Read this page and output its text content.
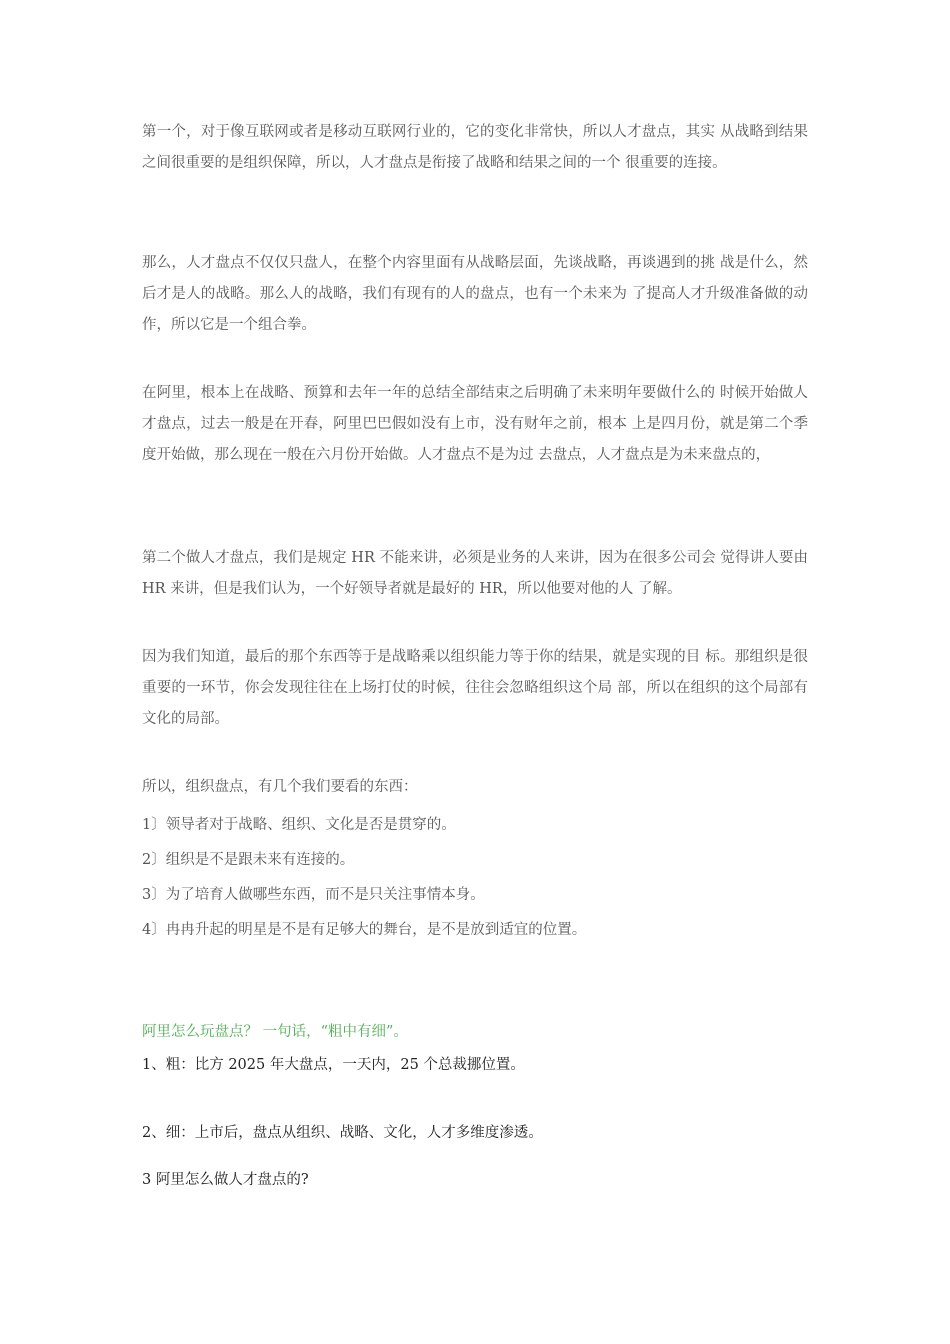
第一个，对于像互联网或者是移动互联网行业的，它的变化非常快，所以人才盘点，其实 从战略到结果之间很重要的是组织保障，所以，人才盘点是衔接了战略和结果之间的一个 很重要的连接。

那么，人才盘点不仅仅只盘人，在整个内容里面有从战略层面，先谈战略，再谈遇到的挑 战是什么，然后才是人的战略。那么人的战略，我们有现有的人的盘点，也有一个未来为 了提高人才升级准备做的动作，所以它是一个组合拳。

在阿里，根本上在战略、预算和去年一年的总结全部结束之后明确了未来明年要做什么的 时候开始做人才盘点，过去一般是在开春，阿里巴巴假如没有上市，没有财年之前，根本 上是四月份，就是第二个季度开始做，那么现在一般在六月份开始做。人才盘点不是为过 去盘点，人才盘点是为未来盘点的，

第二个做人才盘点，我们是规定 HR 不能来讲，必须是业务的人来讲，因为在很多公司会 觉得讲人要由 HR 来讲，但是我们认为，一个好领导者就是最好的 HR，所以他要对他的人 了解。

因为我们知道，最后的那个东西等于是战略乘以组织能力等于你的结果，就是实现的目 标。那组织是很重要的一环节，你会发现往往在上场打仗的时候，往往会忽略组织这个局 部，所以在组织的这个局部有文化的局部。

所以，组织盘点，有几个我们要看的东西：

1〕领导者对于战略、组织、文化是否是贯穿的。

2〕组织是不是跟未来有连接的。

3〕为了培育人做哪些东西，而不是只关注事情本身。

4〕冉冉升起的明星是不是有足够大的舞台，是不是放到适宜的位置。

阿里怎么玩盘点？ 一句话，“粗中有细”。

1、粗：比方 2025 年大盘点，一天内，25 个总裁挪位置。

2、细：上市后，盘点从组织、战略、文化，人才多维度渗透。

3 阿里怎么做人才盘点的?
